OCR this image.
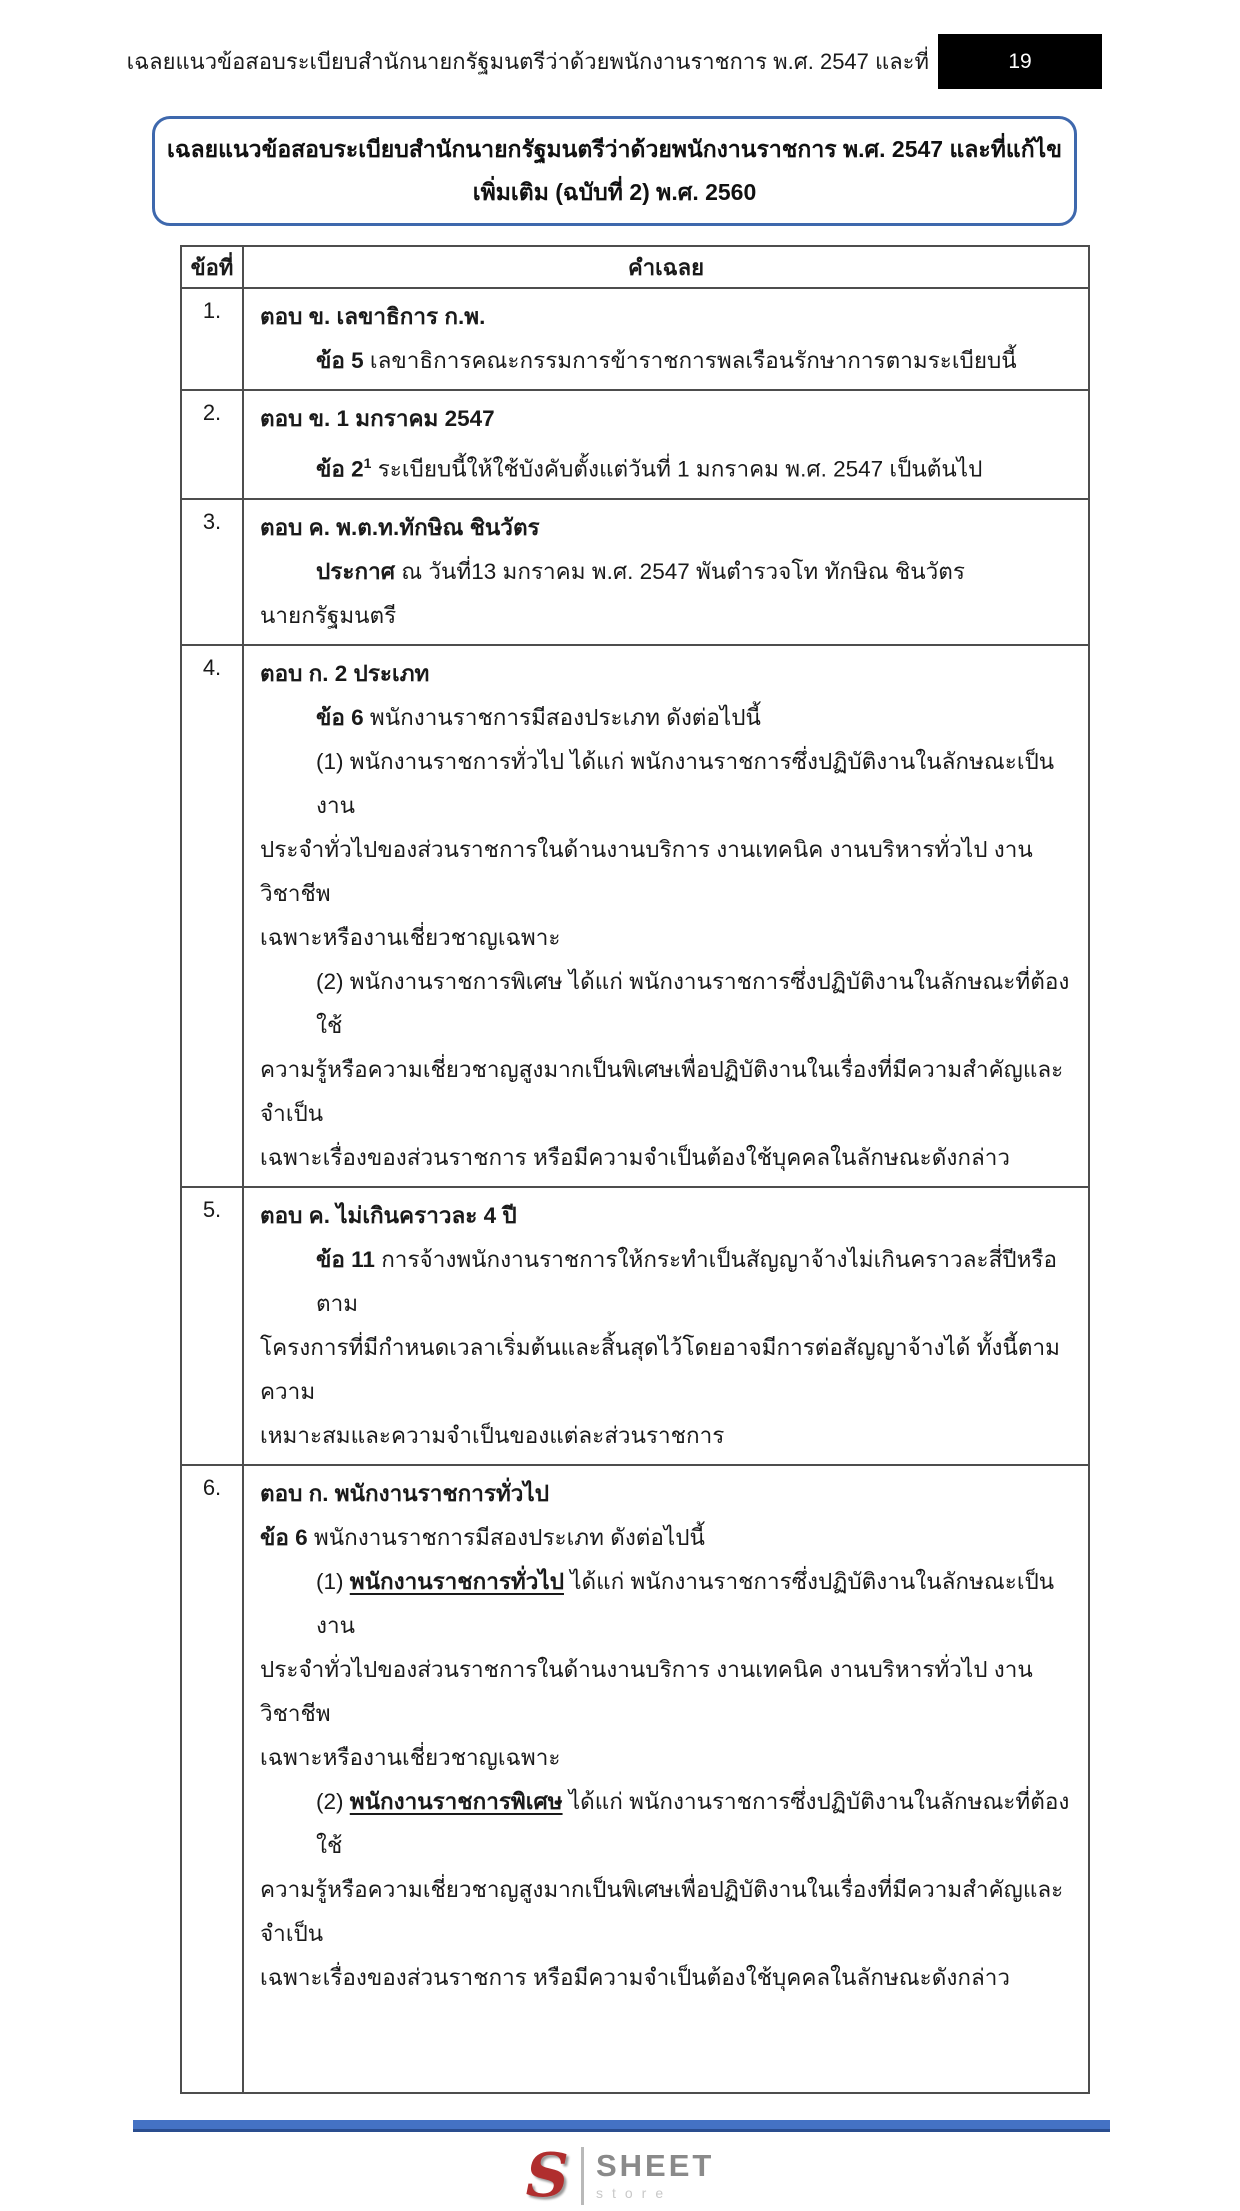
เฉลยแนวข้อสอบระเบียบสำนักนายกรัฐมนตรีว่าด้วยพนักงานราชการ พ.ศ. 2547 และที่	19
เฉลยแนวข้อสอบระเบียบสำนักนายกรัฐมนตรีว่าด้วยพนักงานราชการ พ.ศ. 2547 และที่แก้ไข
เพิ่มเติม (ฉบับที่ 2) พ.ศ. 2560
ข้อที่	คำเฉลย
1.	ตอบ ข. เลขาธิการ ก.พ.
ข้อ 5 เลขาธิการคณะกรรมการข้าราชการพลเรือนรักษาการตามระเบียบนี้

2.	ตอบ ข. 1 มกราคม 2547
ข้อ $2^1$ ระเบียบนี้ให้ใช้บังคับตั้งแต่วันที่ 1 มกราคม พ.ศ. 2547 เป็นต้นไป

3.	ตอบ ค. พ.ต.ท.ทักษิณ ชินวัตร
ประกาศ ณ วันที่13 มกราคม พ.ศ. 2547 พันตำรวจโท ทักษิณ ชินวัตร
นายกรัฐมนตรี

4.	ตอบ ก. 2 ประเภท
ข้อ 6 พนักงานราชการมีสองประเภท ดังต่อไปนี้
(1) พนักงานราชการทั่วไป ได้แก่ พนักงานราชการซึ่งปฏิบัติงานในลักษณะเป็นงาน
ประจำทั่วไปของส่วนราชการในด้านงานบริการ งานเทคนิค งานบริหารทั่วไป งานวิชาชีพ
เฉพาะหรืองานเชี่ยวชาญเฉพาะ
(2) พนักงานราชการพิเศษ ได้แก่ พนักงานราชการซึ่งปฏิบัติงานในลักษณะที่ต้องใช้
ความรู้หรือความเชี่ยวชาญสูงมากเป็นพิเศษเพื่อปฏิบัติงานในเรื่องที่มีความสำคัญและจำเป็น
เฉพาะเรื่องของส่วนราชการ หรือมีความจำเป็นต้องใช้บุคคลในลักษณะดังกล่าว

5.	ตอบ ค. ไม่เกินคราวละ 4 ปี
ข้อ 11 การจ้างพนักงานราชการให้กระทำเป็นสัญญาจ้างไม่เกินคราวละสี่ปีหรือตาม
โครงการที่มีกำหนดเวลาเริ่มต้นและสิ้นสุดไว้โดยอาจมีการต่อสัญญาจ้างได้ ทั้งนี้ตามความ
เหมาะสมและความจำเป็นของแต่ละส่วนราชการ

6.	ตอบ ก. พนักงานราชการทั่วไป
ข้อ 6 พนักงานราชการมีสองประเภท ดังต่อไปนี้
(1) พนักงานราชการทั่วไป ได้แก่ พนักงานราชการซึ่งปฏิบัติงานในลักษณะเป็นงาน
ประจำทั่วไปของส่วนราชการในด้านงานบริการ งานเทคนิค งานบริหารทั่วไป งานวิชาชีพ
เฉพาะหรืองานเชี่ยวชาญเฉพาะ
(2) พนักงานราชการพิเศษ ได้แก่ พนักงานราชการซึ่งปฏิบัติงานในลักษณะที่ต้องใช้
ความรู้หรือความเชี่ยวชาญสูงมากเป็นพิเศษเพื่อปฏิบัติงานในเรื่องที่มีความสำคัญและจำเป็น
เฉพาะเรื่องของส่วนราชการ หรือมีความจำเป็นต้องใช้บุคคลในลักษณะดังกล่าว
S SHEET
store
